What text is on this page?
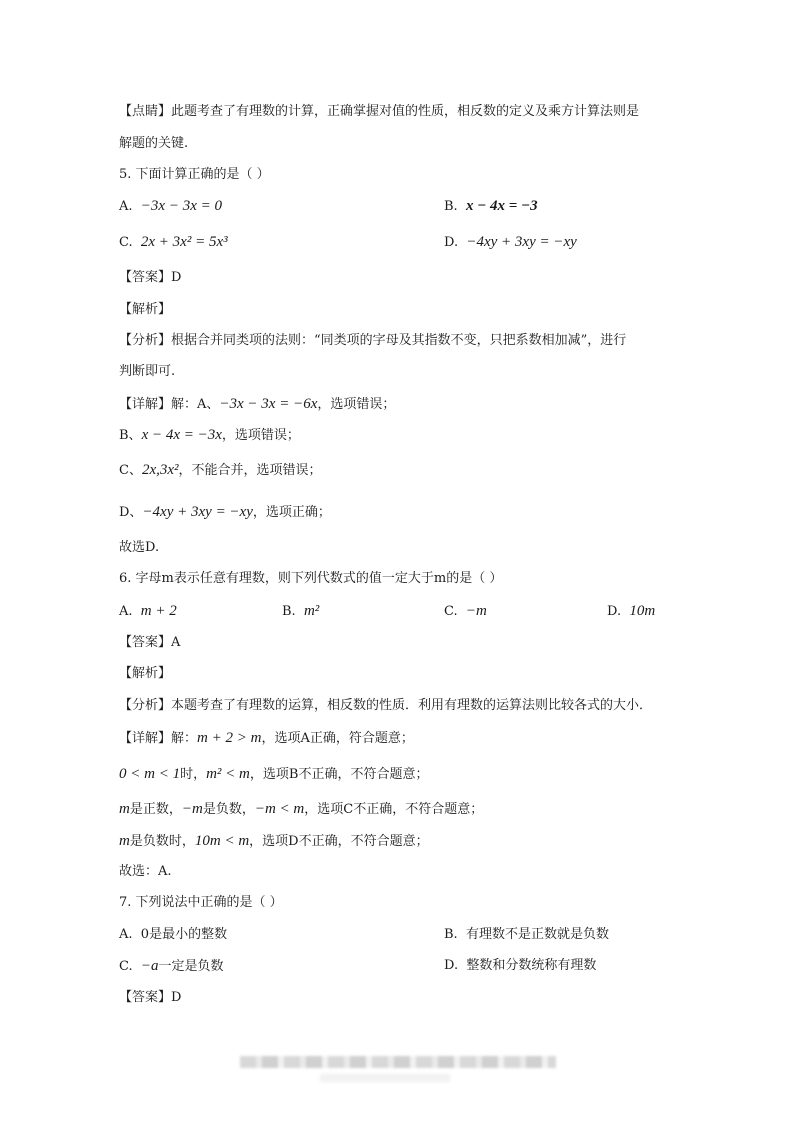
【点睛】此题考查了有理数的计算，正确掌握对值的性质，相反数的定义及乘方计算法则是
解题的关键.
5. 下面计算正确的是（ ）
A. −3x − 3x = 0	B. x − 4x = −3
C. 2x + 3x² = 5x³	D. −4xy + 3xy = −xy
【答案】D
【解析】
【分析】根据合并同类项的法则：“同类项的字母及其指数不变，只把系数相加减”，进行
判断即可.
【详解】解：A、−3x − 3x = −6x，选项错误；
B、x − 4x = −3x，选项错误；
C、2x,3x²，不能合并，选项错误；
D、−4xy + 3xy = −xy，选项正确；
故选D.
6. 字母m表示任意有理数，则下列代数式的值一定大于m的是（ ）
A. m + 2	B. m²	C. −m	D. 10m
【答案】A
【解析】
【分析】本题考查了有理数的运算，相反数的性质．利用有理数的运算法则比较各式的大小．
【详解】解：m + 2 > m，选项A正确，符合题意；
0 < m < 1时，m² < m，选项B不正确，不符合题意；
m是正数，−m是负数，−m < m，选项C不正确，不符合题意；
m是负数时，10m < m，选项D不正确，不符合题意；
故选：A.
7. 下列说法中正确的是（ ）
A. 0是最小的整数	B. 有理数不是正数就是负数
C. −a一定是负数	D. 整数和分数统称有理数
【答案】D
